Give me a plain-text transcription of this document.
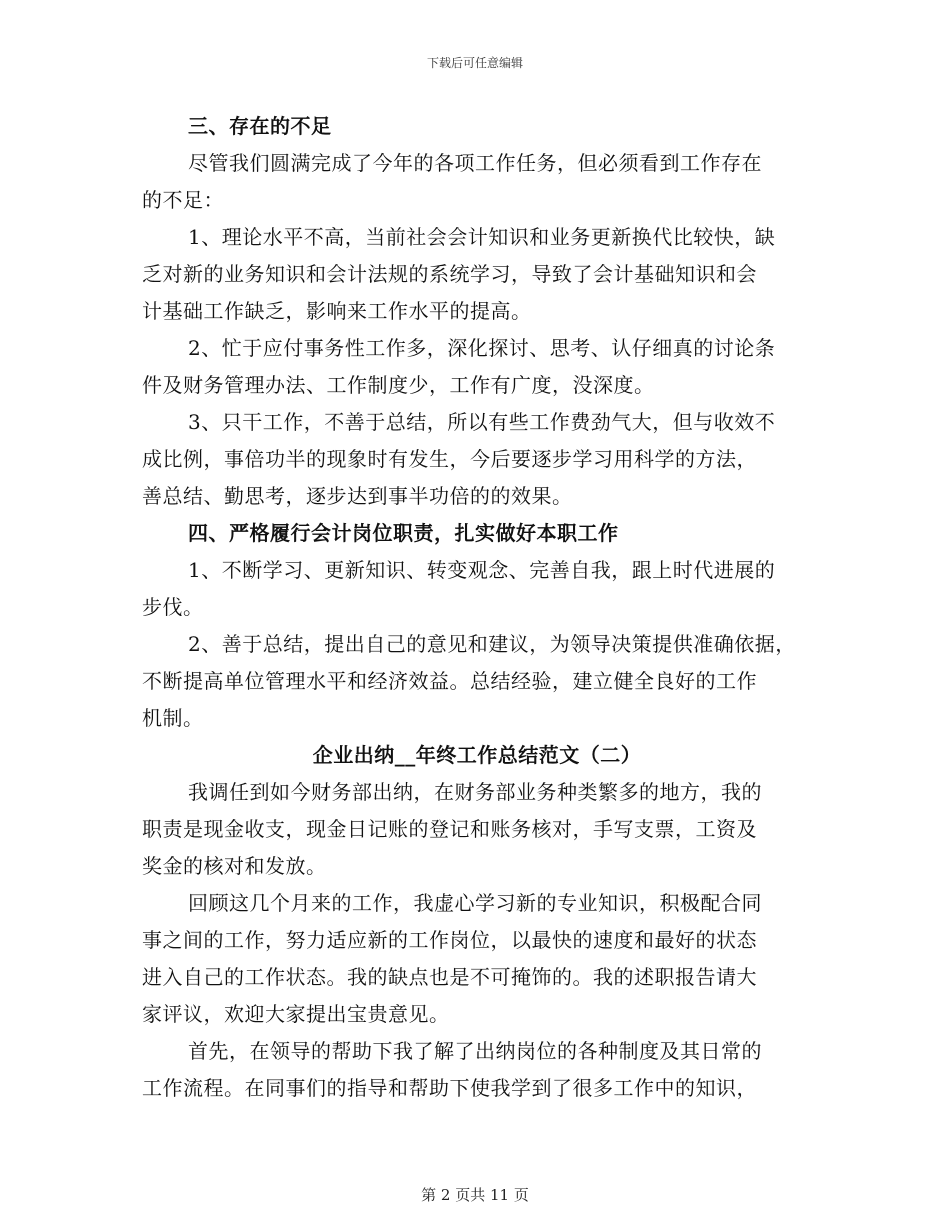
下载后可任意编辑
三、存在的不足
尽管我们圆满完成了今年的各项工作任务，但必须看到工作存在
的不足：
1、理论水平不高，当前社会会计知识和业务更新换代比较快，缺
乏对新的业务知识和会计法规的系统学习，导致了会计基础知识和会
计基础工作缺乏，影响来工作水平的提高。
2、忙于应付事务性工作多，深化探讨、思考、认仔细真的讨论条
件及财务管理办法、工作制度少，工作有广度，没深度。
3、只干工作，不善于总结，所以有些工作费劲气大，但与收效不
成比例，事倍功半的现象时有发生，今后要逐步学习用科学的方法，
善总结、勤思考，逐步达到事半功倍的的效果。
四、严格履行会计岗位职责，扎实做好本职工作
1、不断学习、更新知识、转变观念、完善自我，跟上时代进展的
步伐。
2、善于总结，提出自己的意见和建议，为领导决策提供准确依据，
不断提高单位管理水平和经济效益。总结经验，建立健全良好的工作
机制。
企业出纳__年终工作总结范文（二）
我调任到如今财务部出纳，在财务部业务种类繁多的地方，我的
职责是现金收支，现金日记账的登记和账务核对，手写支票，工资及
奖金的核对和发放。
回顾这几个月来的工作，我虚心学习新的专业知识，积极配合同
事之间的工作，努力适应新的工作岗位，以最快的速度和最好的状态
进入自己的工作状态。我的缺点也是不可掩饰的。我的述职报告请大
家评议，欢迎大家提出宝贵意见。
首先，在领导的帮助下我了解了出纳岗位的各种制度及其日常的
工作流程。在同事们的指导和帮助下使我学到了很多工作中的知识，
第 2 页共 11 页
